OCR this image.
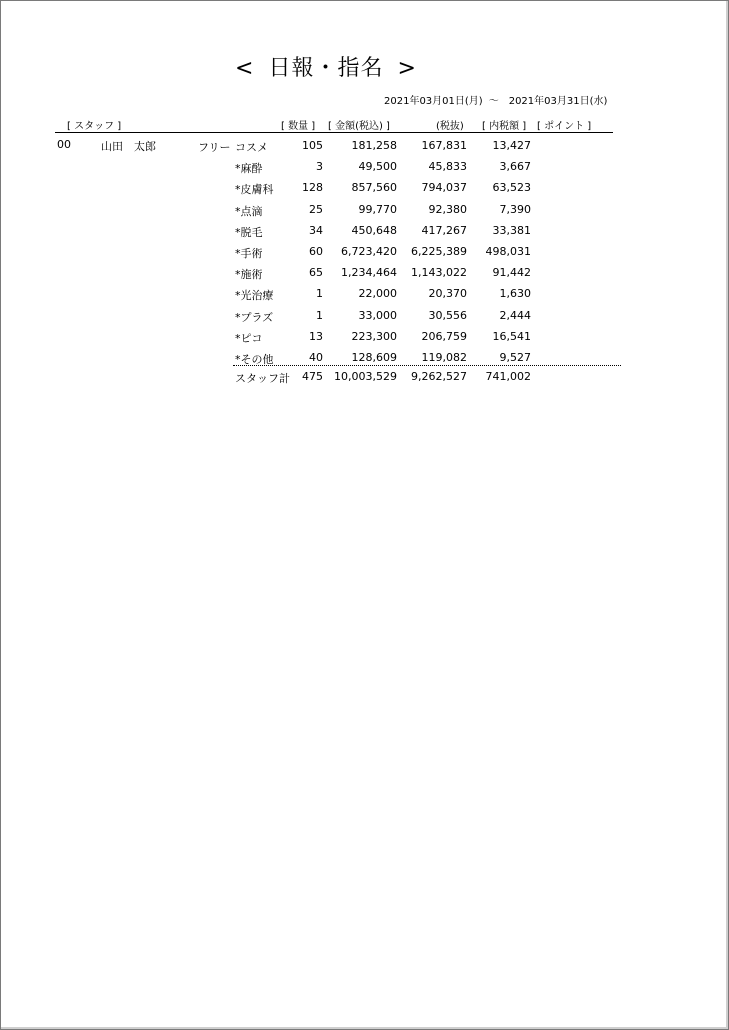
< 日報・指名 >
2021年03月01日(月) ～ 2021年03月31日(水)
[ スタッフ ]	[ 数量 ] [ 金額(税込) ]	(税抜) [ 内税額 ] [ ポイント ]
00	山田　太郎	フリー コスメ	105	181,258	167,831	13,427
*麻酔	3	49,500	45,833	3,667
*皮膚科	128	857,560	794,037	63,523
*点滴	25	99,770	92,380	7,390
*脱毛	34	450,648	417,267	33,381
*手術	60	6,723,420	6,225,389	498,031
*施術	65	1,234,464	1,143,022	91,442
*光治療	1	22,000	20,370	1,630
*プラズ	1	33,000	30,556	2,444
*ピコ	13	223,300	206,759	16,541
*その他	40	128,609	119,082	9,527
スタッフ計	475	10,003,529	9,262,527	741,002
